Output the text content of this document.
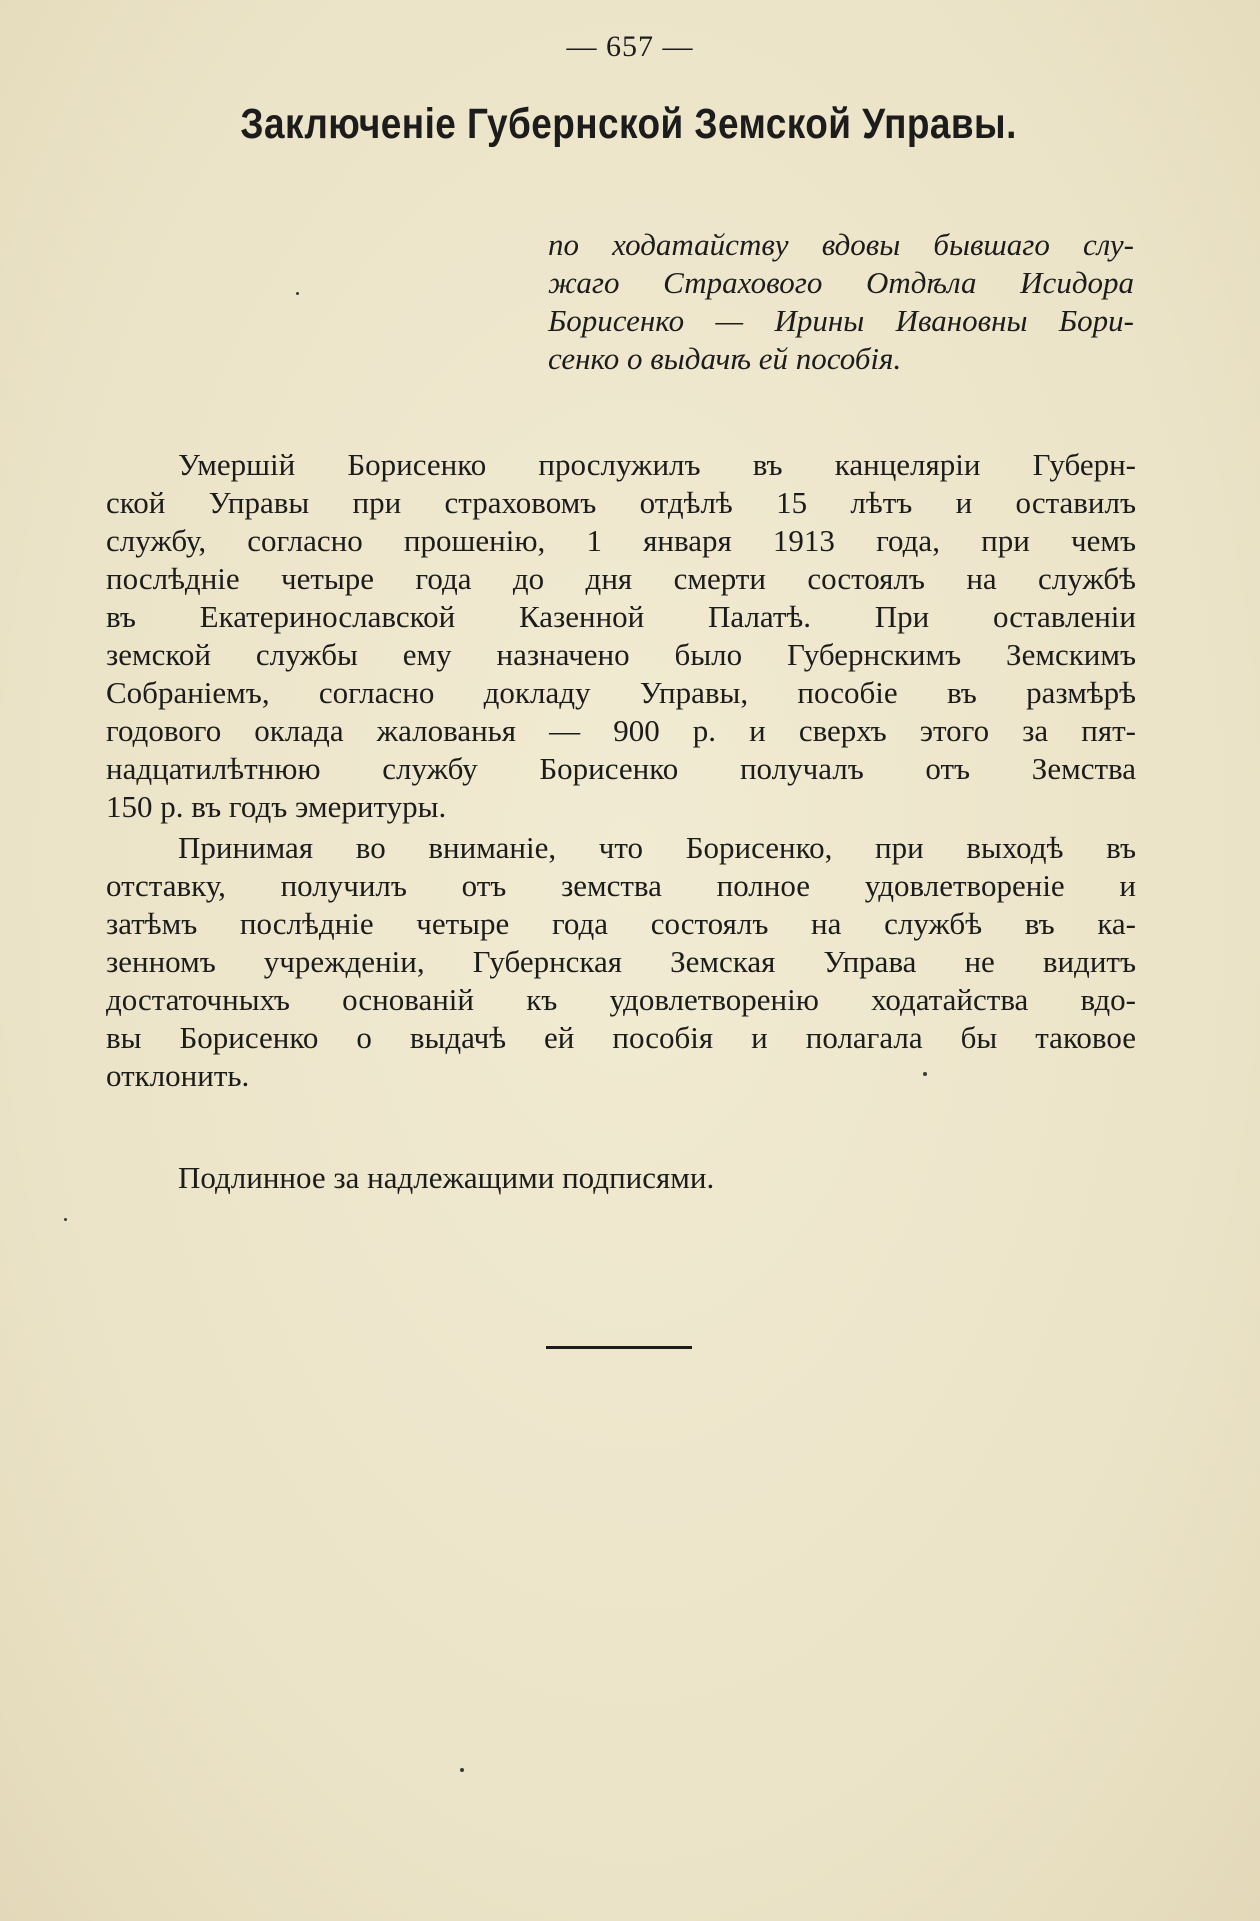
— 657 —
Заключенiе Губернской Земской Управы.
по ходатайству вдовы бывшаго слу-
жагo Страхового Отдѣла Исидора
Борисенко — Ирины Ивановны Бори-
сенко о выдачѣ ей пособiя.
Умершiй Борисенко прослужилъ въ канцелярiи Губерн-
ской Управы при страховомъ отдѣлѣ 15 лѣтъ и оставилъ
службу, согласно прошенiю, 1 января 1913 года, при чемъ
послѣднiе четыре года до дня смерти состоялъ на службѣ
въ Екатеринославской Казенной Палатѣ. При оставленiи
земской службы ему назначено было Губернскимъ Земскимъ
Собранiемъ, согласно докладу Управы, пособiе въ размѣрѣ
годового оклада жалованья — 900 р. и сверхъ этого за пят-
надцатилѣтнюю службу Борисенко получалъ отъ Земства
150 р. въ годъ эмеритуры.
Принимая во вниманiе, что Борисенко, при выходѣ въ
отставку, получилъ отъ земства полное удовлетворенiе и
затѣмъ послѣднiе четыре года состоялъ на службѣ въ ка-
зенномъ учрежденiи, Губернская Земская Управа не видитъ
достаточныхъ основанiй къ удовлетворенiю ходатайства вдо-
вы Борисенко о выдачѣ ей пособiя и полагала бы таковое
отклонить.
Подлинное за надлежащими подписями.
